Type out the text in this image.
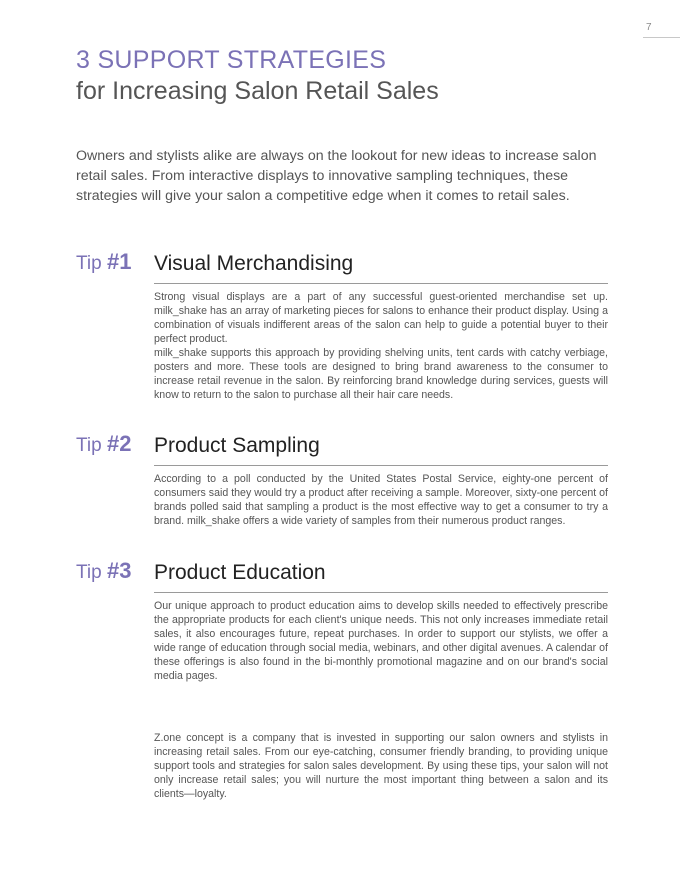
7
3 SUPPORT STRATEGIES
for Increasing Salon Retail Sales

Owners and stylists alike are always on the lookout for new ideas to increase salon retail sales. From interactive displays to innovative sampling techniques, these strategies will give your salon a competitive edge when it comes to retail sales.

Tip #1 Visual Merchandising

Strong visual displays are a part of any successful guest-oriented merchandise set up. milk_shake has an array of marketing pieces for salons to enhance their product display. Using a combination of visuals indifferent areas of the salon can help to guide a potential buyer to their perfect product.

milk_shake supports this approach by providing shelving units, tent cards with catchy verbiage, posters and more. These tools are designed to bring brand awareness to the consumer to increase retail revenue in the salon. By reinforcing brand knowledge during services, guests will know to return to the salon to purchase all their hair care needs.

Tip #2 Product Sampling

According to a poll conducted by the United States Postal Service, eighty-one percent of consumers said they would try a product after receiving a sample. Moreover, sixty-one percent of brands polled said that sampling a product is the most effective way to get a consumer to try a brand. milk_shake offers a wide variety of samples from their numerous product ranges.

Tip #3 Product Education

Our unique approach to product education aims to develop skills needed to effectively prescribe the appropriate products for each client's unique needs. This not only increases immediate retail sales, it also encourages future, repeat purchases. In order to support our stylists, we offer a wide range of education through social media, webinars, and other digital avenues. A calendar of these offerings is also found in the bi-monthly promotional magazine and on our brand's social media pages.

Z.one concept is a company that is invested in supporting our salon owners and stylists in increasing retail sales. From our eye-catching, consumer friendly branding, to providing unique support tools and strategies for salon sales development. By using these tips, your salon will not only increase retail sales; you will nurture the most important thing between a salon and its clients—loyalty.
